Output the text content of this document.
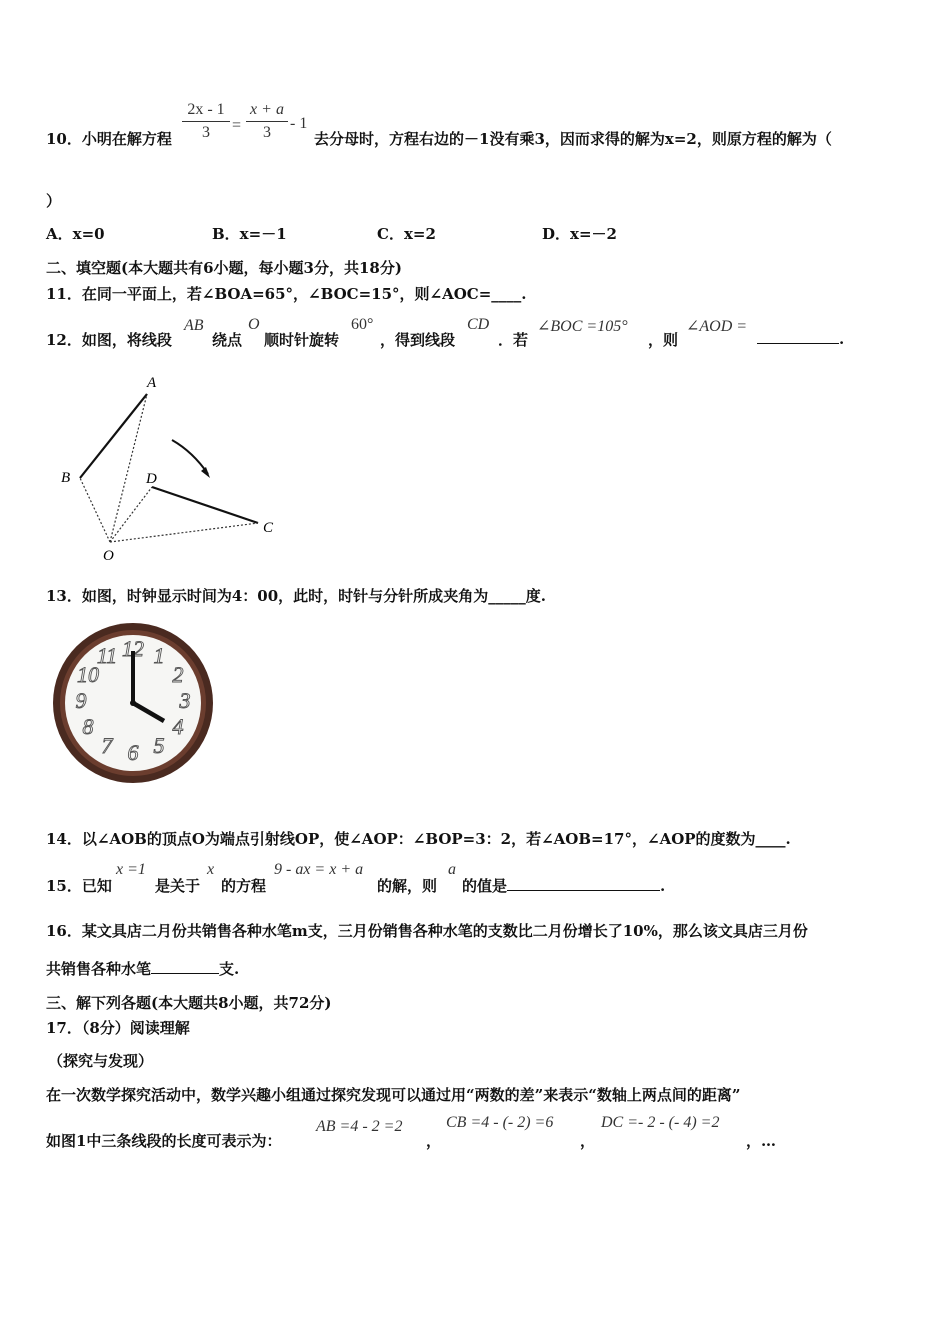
10．小明在解方程
2x - 1
3	=
x + a
3
- 1
去分母时，方程右边的－1没有乘3，因而求得的解为x=2，则原方程的解为（
）
A．x=0	B．x=－1	C．x=2	D．x=－2
二、填空题(本大题共有6小题，每小题3分，共18分)
11．在同一平面上，若∠BOA=65°，∠BOC=15°，则∠AOC=____.
12．如图，将线段
AB
绕点
O
顺时针旋转
60°
，得到线段
CD
．若
∠BOC =105°
，则
∠AOD =
.
A
B	D
C
O
13．如图，时钟显示时间为4：00，此时，时针与分针所成夹角为_____度.
12 1
2
3
4
5
6
7
8
9
10
11
14．以∠AOB的顶点O为端点引射线OP，使∠AOP：∠BOP=3：2，若∠AOB=17°，∠AOP的度数为____.
15．已知
x =1
是关于
x
的方程
9 - ax = x + a
的解，则
a
的值是	.
16．某文具店二月份共销售各种水笔m支，三月份销售各种水笔的支数比二月份增长了10%，那么该文具店三月份
共销售各种水笔	支.
三、解下列各题(本大题共8小题，共72分)
17．（8分）阅读理解
（探究与发现）
在一次数学探究活动中，数学兴趣小组通过探究发现可以通过用“两数的差”来表示“数轴上两点间的距离”
如图1中三条线段的长度可表示为：
AB =4 - 2 =2
，
CB =4 - (- 2) =6
，
DC =- 2 - (- 4) =2
，…
